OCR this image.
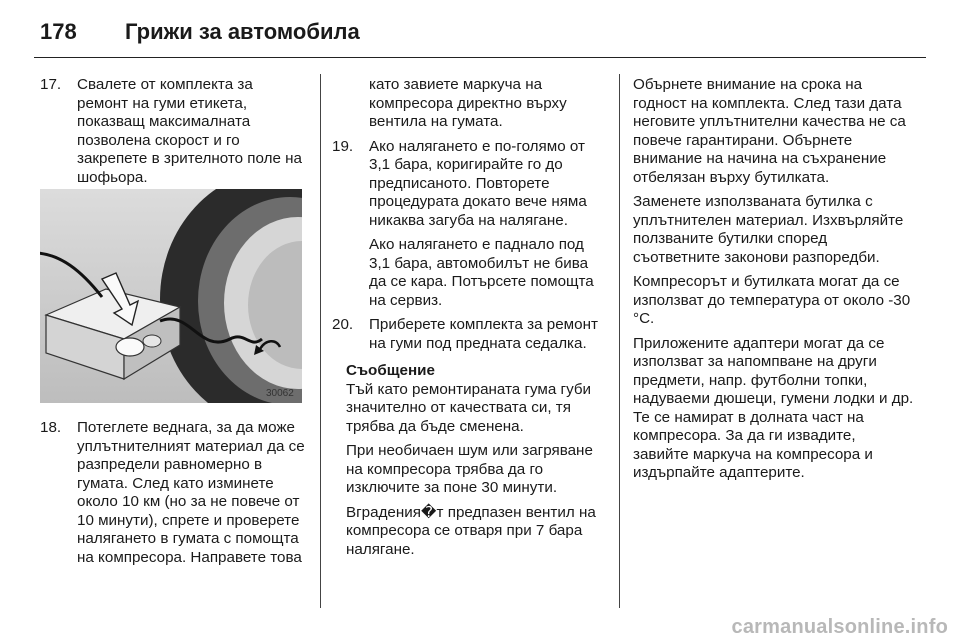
178	Грижи за автомобила
17.	Свалете от комплекта за ремонт на гуми етикета, показващ максималната позволена скорост и го закрепете в зрителното поле на шофьора.
30062
18.	Потеглете веднага, за да може уплътнителният материал да се разпредели равномерно в гумата. След като изминете около 10 км (но за не повече от 10 минути), спрете и проверете налягането в гумата с помощта на компресора. Направете това
като завиете маркуча на компресора директно върху вентила на гумата.
19.	Ако налягането е по-голямо от 3,1 бара, коригирайте го до предписаното. Повторете процедурата докато вече няма никаква загуба на налягане.
Ако налягането е паднало под 3,1 бара, автомобилът не бива да се кара. Потърсете помощта на сервиз.
20.	Приберете комплекта за ремонт на гуми под предната седалка.
Съобщение
Тъй като ремонтираната гума губи значително от качествата си, тя трябва да бъде сменена.
При необичаен шум или загряване на компресора трябва да го изключите за поне 30 минути.
Вградения�т предпазен вентил на компресора се отваря при 7 бара налягане.
Обърнете внимание на срока на годност на комплекта. След тази дата неговите уплътнителни качества не са повече гарантирани. Обърнете внимание на начина на съхранение отбелязан върху бутилката.
Заменете използваната бутилка с уплътнителен материал. Изхвърляйте ползваните бутилки според съответните законови разпоредби.
Компресорът и бутилката могат да се използват до температура от около -30 °C.
Приложените адаптери могат да се използват за напомпване на други предмети, напр. футболни топки, надуваеми дюшеци, гумени лодки и др. Те се намират в долната част на компресора. За да ги извадите, завийте маркуча на компресора и издърпайте адаптерите.
carmanualsonline.info
